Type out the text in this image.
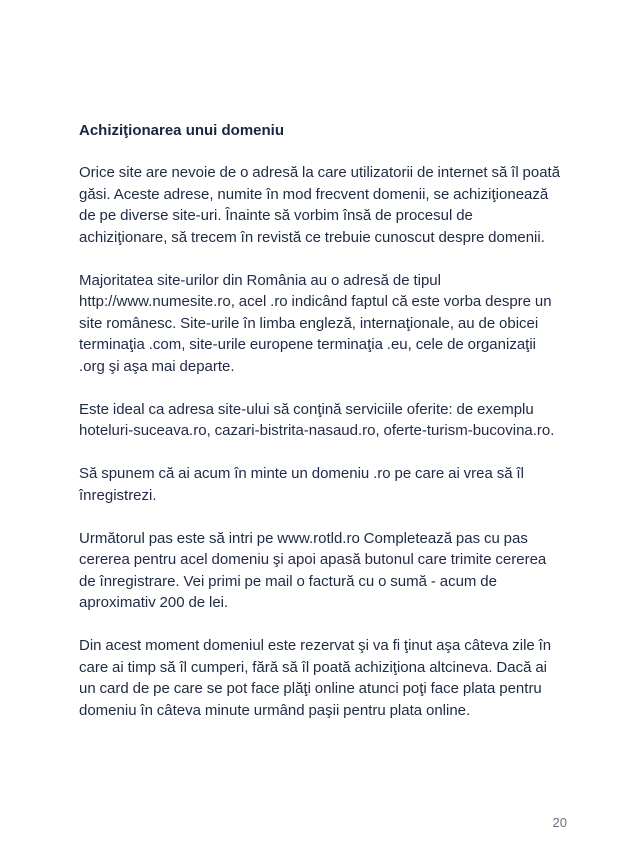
Achiziţionarea unui domeniu

Orice site are nevoie de o adresă la care utilizatorii de internet să îl poată găsi. Aceste adrese, numite în mod frecvent domenii, se achiziţionează de pe diverse site-uri. Înainte să vorbim însă de procesul de achiziţionare, să trecem în revistă ce trebuie cunoscut despre domenii.

Majoritatea site-urilor din România au o adresă de tipul http://www.numesite.ro, acel .ro indicând faptul că este vorba despre un site românesc. Site-urile în limba engleză, internaţionale, au de obicei terminaţia .com, site-urile europene terminaţia .eu, cele de organizaţii .org şi aşa mai departe.

Este ideal ca adresa site-ului să conţină serviciile oferite: de exemplu hoteluri-suceava.ro, cazari-bistrita-nasaud.ro, oferte-turism-bucovina.ro.

Să spunem că ai acum în minte un domeniu .ro pe care ai vrea să îl înregistrezi.

Următorul pas este să intri pe www.rotld.ro Completează pas cu pas cererea pentru acel domeniu şi apoi apasă butonul care trimite cererea de înregistrare. Vei primi pe mail o factură cu o sumă - acum de aproximativ 200 de lei.

Din acest moment domeniul este rezervat şi va fi ţinut aşa câteva zile în care ai timp să îl cumperi, fără să îl poată achiziţiona altcineva. Dacă ai un card de pe care se pot face plăţi online atunci poţi face plata pentru domeniu în câteva minute urmând paşii pentru plata online.

20
